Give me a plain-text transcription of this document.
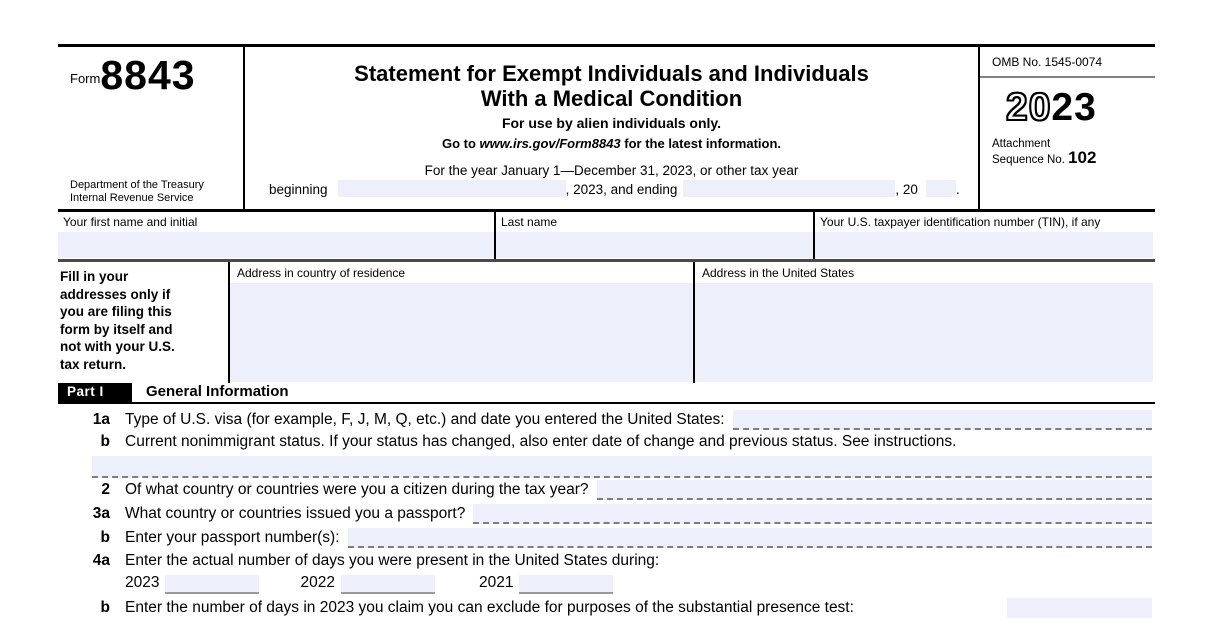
$^{Form}$8843
Department of the Treasury
Internal Revenue Service
Statement for Exempt Individuals and Individuals
With a Medical Condition
For use by alien individuals only.
Go to www.irs.gov/Form8843 for the latest information.
For the year January 1—December 31, 2023, or other tax year
beginning	, 2023, and ending	, 20	.
OMB No. 1545-0074
2023
Attachment
Sequence No. 102
Your first name and initial	Last name	Your U.S. taxpayer identification number (TIN), if any
Fill in your
addresses only if
you are filing this
form by itself and
not with your U.S.
tax return.
Address in country of residence	Address in the United States
Part I	General Information
1a Type of U.S. visa (for example, F, J, M, Q, etc.) and date you entered the United States:
b Current nonimmigrant status. If your status has changed, also enter date of change and previous status. See instructions.
2 Of what country or countries were you a citizen during the tax year?
3a What country or countries issued you a passport?
b Enter your passport number(s):
4a Enter the actual number of days you were present in the United States during:
2023	2022	2021
b Enter the number of days in 2023 you claim you can exclude for purposes of the substantial presence test:
